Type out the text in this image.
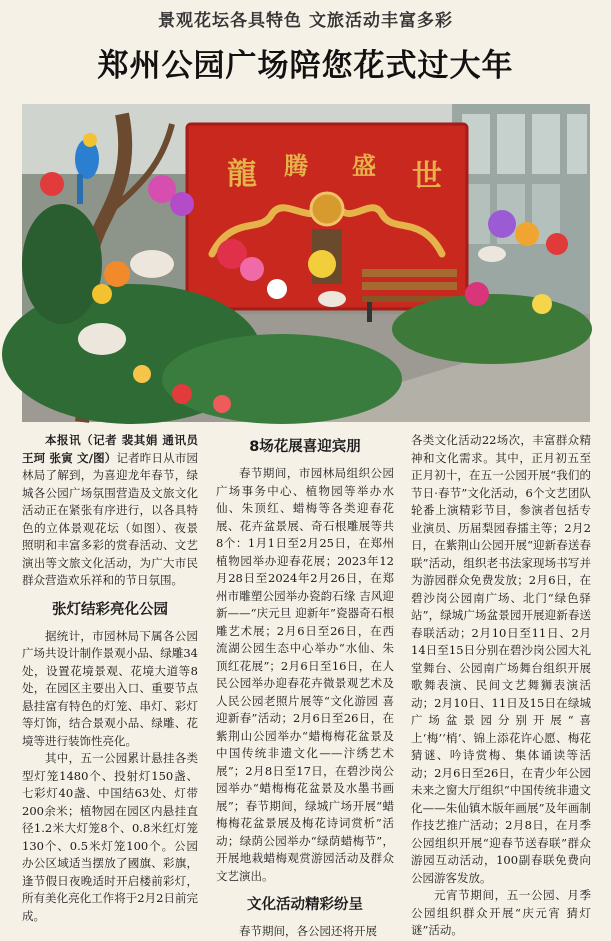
景观花坛各具特色 文旅活动丰富多彩
郑州公园广场陪您花式过大年
龍 腾 盛 世

本报讯（记者 裴其娟 通讯员 王珂 张寅 文/图）记者昨日从市园林局了解到，为喜迎龙年春节，绿城各公园广场氛围营造及文旅文化活动正在紧张有序进行，以各具特色的立体景观花坛（如图）、夜景照明和丰富多彩的赏春活动、文艺演出等文旅文化活动，为广大市民群众营造欢乐祥和的节日氛围。

张灯结彩亮化公园

据统计，市园林局下属各公园广场共设计制作景观小品、绿雕34处，设置花境景观、花境大道等8处，在园区主要出入口、重要节点悬挂富有特色的灯笼、串灯、彩灯等灯饰，结合景观小品、绿雕、花境等进行装饰性亮化。

其中，五一公园累计悬挂各类型灯笼1480个、投射灯150盏、七彩灯40盏、中国结63处、灯带200余米；植物园在园区内悬挂直径1.2米大灯笼8个、0.8米红灯笼130个、0.5米灯笼100个。公园办公区域适当摆放了國旗、彩旗，逢节假日夜晚适时开启楼前彩灯，所有美化亮化工作将于2月2日前完成。

8场花展喜迎宾朋

春节期间，市园林局组织公园广场事务中心、植物园等举办水仙、朱顶红、蜡梅等各类迎春花展、花卉盆景展、奇石根雕展等共8个：1月1日至2月25日，在郑州植物园举办迎春花展；2023年12月28日至2024年2月26日，在郑州市雕塑公园举办瓷韵石缘 吉风迎新——“庆元旦 迎新年”瓷器奇石根雕艺术展；2月6日至26日，在西流湖公园生态中心举办“水仙、朱顶红花展”；2月6日至16日，在人民公园举办迎春花卉微景观艺术及人民公园老照片展等“文化游园 喜迎新春”活动；2月6日至26日，在紫荆山公园举办“蜡梅梅花盆景及中国传统非遗文化——汴绣艺术展”；2月8日至17日，在碧沙岗公园举办“蜡梅梅花盆景及水墨书画展”；春节期间，绿城广场开展“蜡梅梅花盆景展及梅花诗词赏析”活动；绿荫公园举办“绿荫蜡梅节”，开展地栽蜡梅观赏游园活动及群众文艺演出。

文化活动精彩纷呈

春节期间，各公园还将开展

各类文化活动22场次，丰富群众精神和文化需求。其中，正月初五至正月初十，在五一公园开展“我们的节日·春节”文化活动，6个文艺团队轮番上演精彩节目，参演者包括专业演员、历届梨园春擂主等；2月2日，在紫荆山公园开展“迎新春送春联”活动，组织老书法家现场书写并为游园群众免费发放；2月6日，在碧沙岗公园南广场、北门“绿色驿站”，绿城广场盆景园开展迎新春送春联活动；2月10日至11日、2月14日至15日分别在碧沙岗公园大礼堂舞台、公园南广场舞台组织开展歌舞表演、民间文艺舞狮表演活动；2月10日、11日及15日在绿城广场盆景园分别开展“喜上‘梅’‘梢’、锦上添花许心愿、梅花猜谜、吟诗赏梅、集体诵读等活动；2月6日至26日，在青少年公园未来之窗大厅组织“中国传统非遗文化——朱仙镇木版年画展”及年画制作技艺推广活动；2月8日，在月季公园组织开展“迎春节送春联”群众游园互动活动，100副春联免费向公园游客发放。

元宵节期间，五一公园、月季公园组织群众开展“庆元宵 猜灯谜”活动。
